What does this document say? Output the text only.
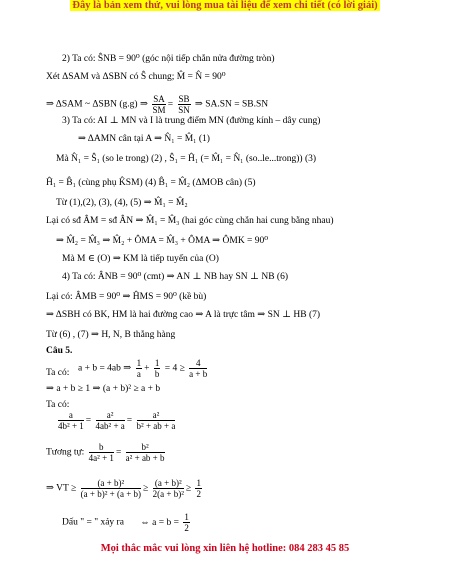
Đây là bản xem thử, vui lòng mua tài liệu để xem chi tiết (có lời giải)
2) Ta có: ŜNB = 90⁰ (góc nội tiếp chắn nửa đường tròn)
Xét ΔSAM và ΔSBN có Ŝ chung; M̂ = N̂ = 90⁰
⇒ ΔSAM ~ ΔSBN (g.g) ⇒ $\frac{SA}{SM} = \frac{SB}{SN}$ ⇒ SA.SN = SB.SN
3) Ta có: AI ⊥ MN và I là trung điểm MN (đường kính – dây cung)
⇒ ΔAMN cân tại A ⇒ N̂₁ = M̂₁ (1)
Mà N̂₁ = Ŝ₁ (so le trong) (2) , Ŝ₁ = Ĥ₁ (= M̂₁ = N̂₁ (so..le...trong)) (3)
Ĥ₁ = B̂₁ (cùng phụ K̂SM) (4) B̂₁ = M̂₂ (ΔMOB cân) (5)
Từ (1),(2), (3), (4), (5) ⇒ M̂₁ = M̂₂
Lại có sđ ÂM = sđ ÂN ⇒ M̂₁ = M̂₃ (hai góc cùng chắn hai cung bằng nhau)
⇒ M̂₂ = M̂₃ ⇒ M̂₂ + ÔMA = M̂₃ + ÔMA ⇒ ÔMK = 90⁰
Mà M ∈ (O) ⇒ KM là tiếp tuyến của (O)
4) Ta có: ÂNB = 90⁰ (cmt) ⇒ AN ⊥ NB hay SN ⊥ NB (6)
Lại có: ÂMB = 90⁰ ⇒ ĤMS = 90⁰ (kề bù)
⇒ ΔSBH có BK, HM là hai đường cao ⇒ A là trực tâm ⇒ SN ⊥ HB (7)
Từ (6) , (7) ⇒ H, N, B thẳng hàng
Câu 5.
a + b = 4ab ⇒ $\frac{1}{a} + \frac{1}{b} = 4 \ge \frac{4}{a + b}$
Ta có:
⇒ a + b ≥ 1 ⇒ (a + b)² ≥ a + b
Ta có:
$\frac{a}{\text{4b² + 1}} = \frac{\text{a²}}{\text{4ab² + a}} = \frac{\text{a²}}{\text{b² + ab + a}}$
Tương tự: $\frac{b}{\text{4a² + 1}} = \frac{\text{b²}}{\text{a² + ab + b}}$
⇒ VT ≥ $\frac{\text{(a + b)²}}{\text{(a + b)² + (a + b)}} \ge \frac{\text{(a + b)²}}{\text{2(a + b)²}} \ge \frac{1}{2}$
Dấu " = " xảy ra ⇔ $a = b = \frac{1}{2}$
Mọi thắc mắc vui lòng xin liên hệ hotline: 084 283 45 85
